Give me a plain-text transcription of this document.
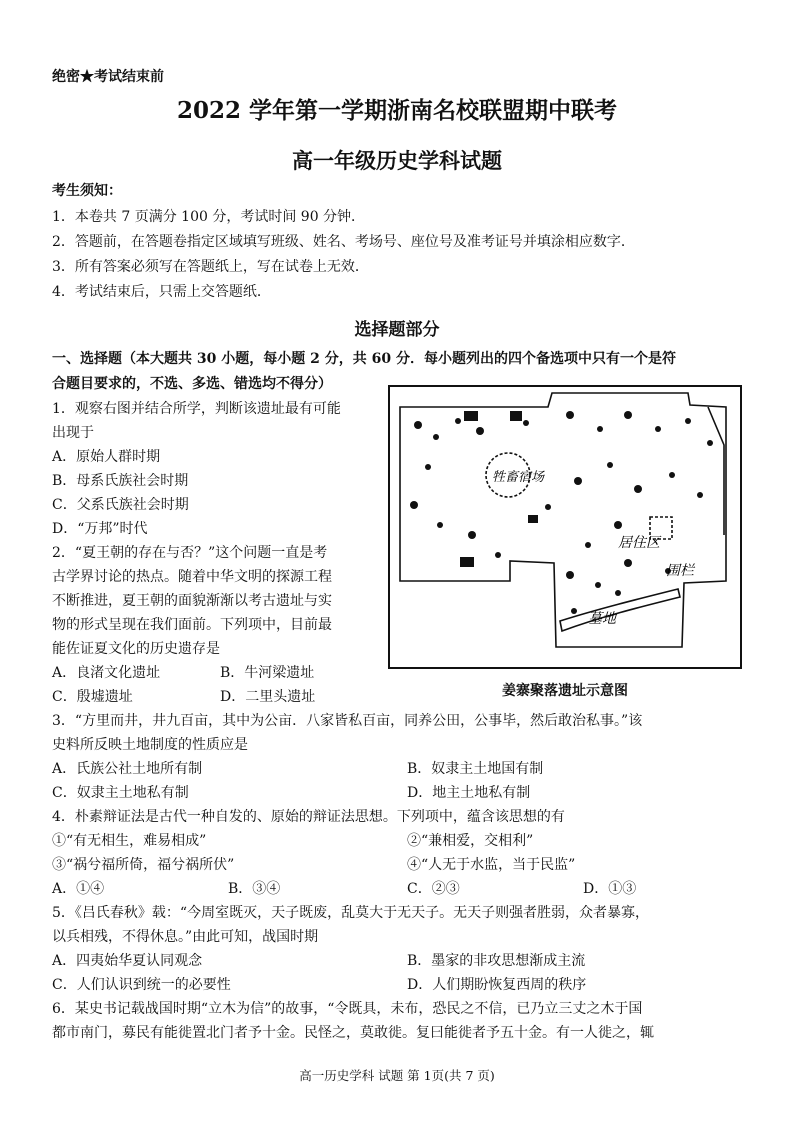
绝密★考试结束前
2022 学年第一学期浙南名校联盟期中联考
高一年级历史学科试题
考生须知：
1．本卷共 7 页满分 100 分，考试时间 90 分钟．
2．答题前，在答题卷指定区域填写班级、姓名、考场号、座位号及准考证号并填涂相应数字．
3．所有答案必须写在答题纸上，写在试卷上无效．
4．考试结束后，只需上交答题纸．
选择题部分
一、选择题（本大题共 30 小题，每小题 2 分，共 60 分．每小题列出的四个备选项中只有一个是符
合题目要求的，不选、多选、错选均不得分）
1．观察右图并结合所学，判断该遗址最有可能
出现于
A．原始人群时期
B．母系氏族社会时期
C．父系氏族社会时期
D．“万邦”时代
2．“夏王朝的存在与否？”这个问题一直是考
古学界讨论的热点。随着中华文明的探源工程
不断推进，夏王朝的面貌渐渐以考古遗址与实
物的形式呈现在我们面前。下列项中，目前最
能佐证夏文化的历史遗存是
A．良渚文化遗址	B．牛河梁遗址
C．殷墟遗址	D．二里头遗址
牲畜宿场
居住区
围栏
墓地
姜寨聚落遗址示意图
3．“方里而井，井九百亩，其中为公亩．八家皆私百亩，同养公田，公事毕，然后敢治私事。”该
史料所反映土地制度的性质应是
A．氏族公社土地所有制	B．奴隶主土地国有制
C．奴隶主土地私有制	D．地主土地私有制
4．朴素辩证法是古代一种自发的、原始的辩证法思想。下列项中，蕴含该思想的有
①“有无相生，难易相成”	②“兼相爱，交相利”
③“祸兮福所倚，福兮祸所伏”	④“人无于水监，当于民监”
A．①④	B．③④	C．②③	D．①③
5．《吕氏春秋》载：“今周室既灭，天子既废，乱莫大于无天子。无天子则强者胜弱，众者暴寡，
以兵相残，不得休息。”由此可知，战国时期
A．四夷始华夏认同观念	B．墨家的非攻思想渐成主流
C．人们认识到统一的必要性	D．人们期盼恢复西周的秩序
6．某史书记载战国时期“立木为信”的故事，“令既具，未布，恐民之不信，已乃立三丈之木于国
都市南门，募民有能徙置北门者予十金。民怪之，莫敢徙。复曰能徙者予五十金。有一人徙之，辄
高一历史学科 试题 第 1页(共 7 页)
